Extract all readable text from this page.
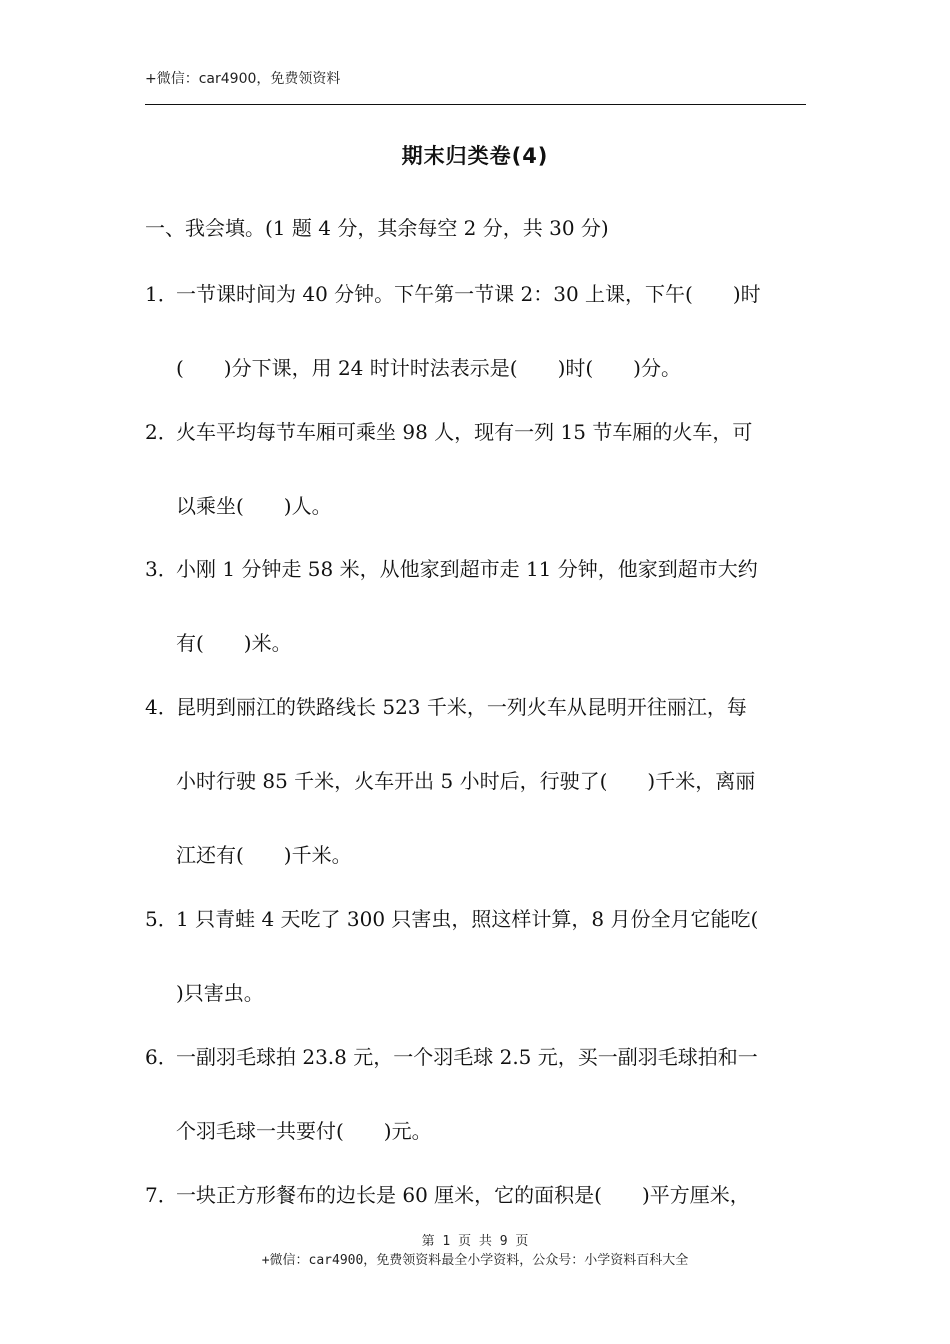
+微信：car4900，免费领资料
期末归类卷(4)
一、我会填。(1 题 4 分，其余每空 2 分，共 30 分)
1．
一节课时间为 40 分钟。下午第一节课 2：30 上课，下午(　　)时
(　　)分下课，用 24 时计时法表示是(　　)时(　　)分。
2．
火车平均每节车厢可乘坐 98 人，现有一列 15 节车厢的火车，可
以乘坐(　　)人。
3．
小刚 1 分钟走 58 米，从他家到超市走 11 分钟，他家到超市大约
有(　　)米。
4．
昆明到丽江的铁路线长 523 千米，一列火车从昆明开往丽江，每
小时行驶 85 千米，火车开出 5 小时后，行驶了(　　)千米，离丽
江还有(　　)千米。
5．
1 只青蛙 4 天吃了 300 只害虫，照这样计算，8 月份全月它能吃(
)只害虫。
6．
一副羽毛球拍 23.8 元，一个羽毛球 2.5 元，买一副羽毛球拍和一
个羽毛球一共要付(　　)元。
7．
一块正方形餐布的边长是 60 厘米，它的面积是(　　)平方厘米，
第 1 页 共 9 页
+微信：car4900，免费领资料最全小学资料，公众号：小学资料百科大全
